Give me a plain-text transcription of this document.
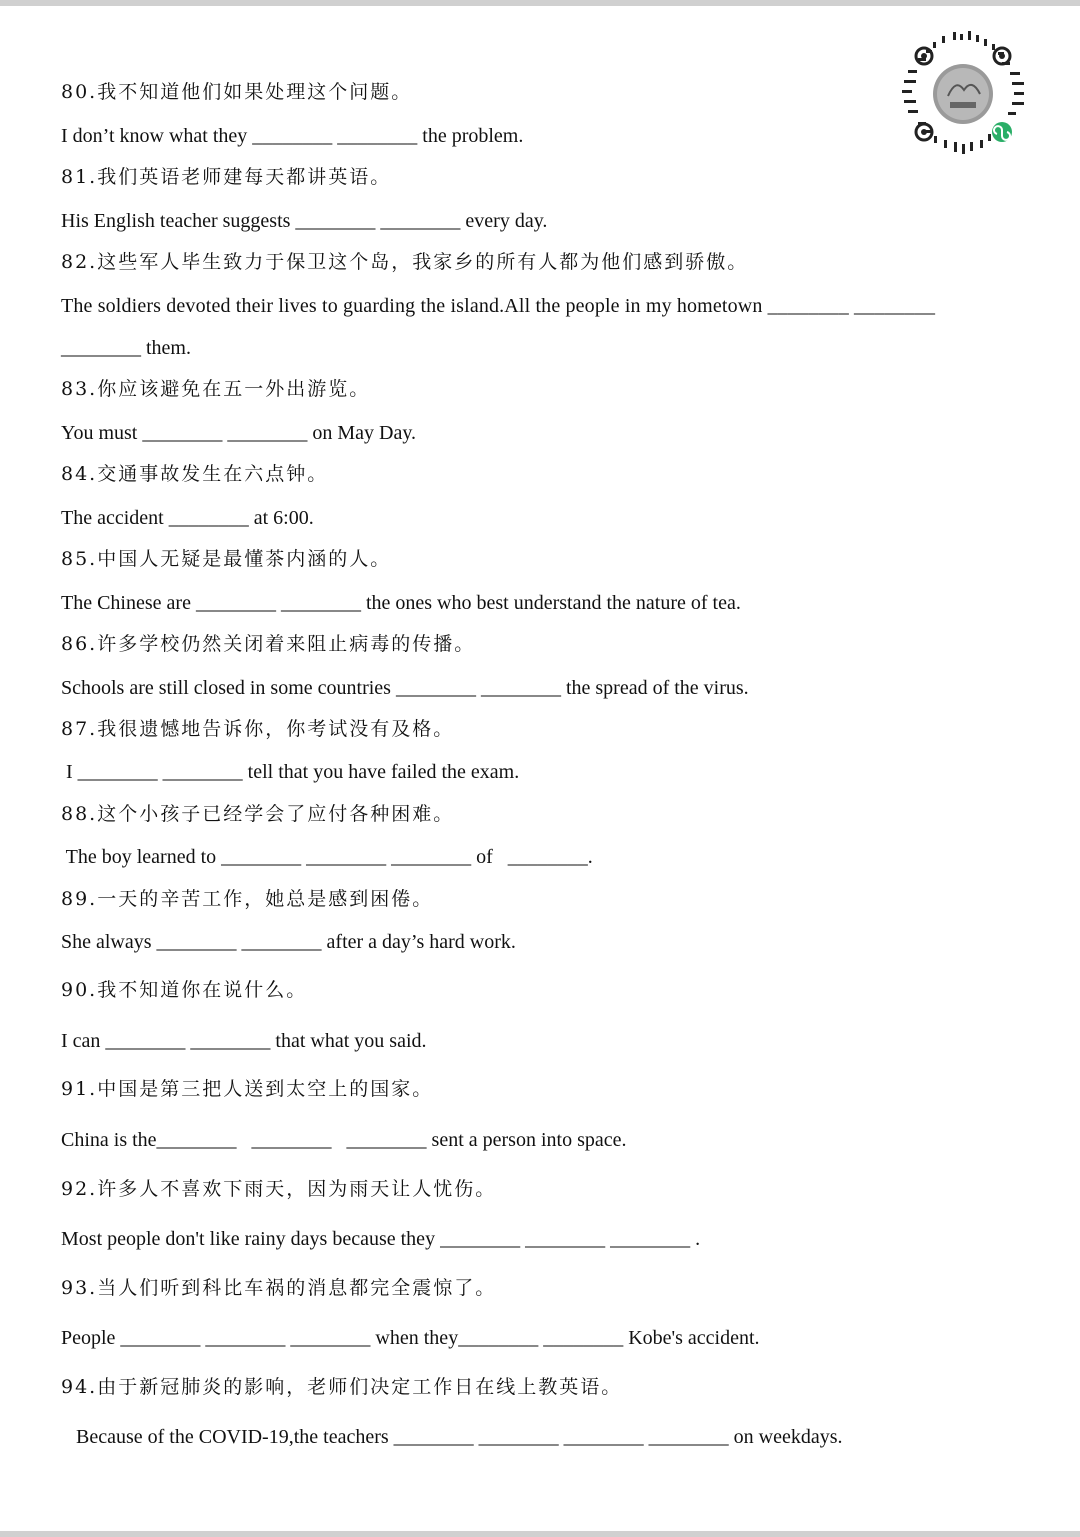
80.我不知道他们如果处理这个问题。
I don’t know what they ________ ________ the problem.
81.我们英语老师建每天都讲英语。
His English teacher suggests ________ ________ every day.
82.这些军人毕生致力于保卫这个岛，我家乡的所有人都为他们感到骄傲。
The soldiers devoted their lives to guarding the island.All the people in my hometown ________ ________
________ them.
83.你应该避免在五一外出游览。
You must ________ ________ on May Day.
84.交通事故发生在六点钟。
The accident ________ at 6:00.
85.中国人无疑是最懂茶内涵的人。
The Chinese are ________ ________ the ones who best understand the nature of tea.
86.许多学校仍然关闭着来阻止病毒的传播。
Schools are still closed in some countries ________ ________ the spread of the virus.
87.我很遗憾地告诉你，你考试没有及格。
I ________ ________ tell that you have failed the exam.
88.这个小孩子已经学会了应付各种困难。
The boy learned to ________ ________ ________ of   ________.
89.一天的辛苦工作，她总是感到困倦。
She always ________ ________ after a day’s hard work.
90.我不知道你在说什么。
I can ________ ________ that what you said.
91.中国是第三把人送到太空上的国家。
China is the________   ________   ________ sent a person into space.
92.许多人不喜欢下雨天，因为雨天让人忧伤。
Most people don't like rainy days because they ________ ________ ________ .
93.当人们听到科比车祸的消息都完全震惊了。
People ________ ________ ________ when they________ ________ Kobe's accident.
94.由于新冠肺炎的影响，老师们决定工作日在线上教英语。
Because of the COVID-19,the teachers ________ ________ ________ ________ on weekdays.
